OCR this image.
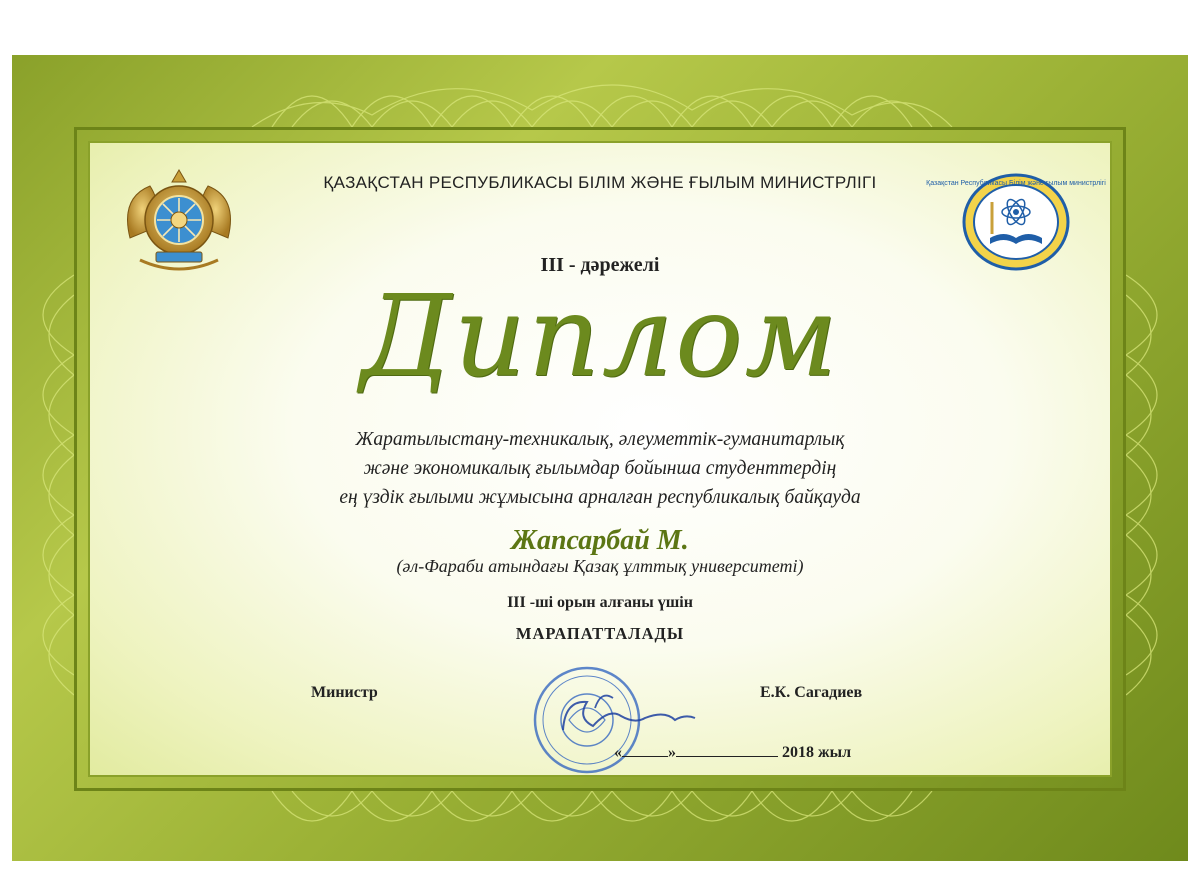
Қазақстан Республикасы Білім және ғылым министрлігі
ҚАЗАҚСТАН РЕСПУБЛИКАСЫ БІЛІМ ЖӘНЕ ҒЫЛЫМ МИНИСТРЛІГІ
III - дәрежелі
Диплом
Жаратылыстану-техникалық, әлеуметтік-гуманитарлық
және экономикалық ғылымдар бойынша студенттердің
ең үздік ғылыми жұмысына арналған республикалық байқауда
Жапсарбай М.
(әл-Фараби атындағы Қазақ ұлттық университеті)
III -ші орын алғаны үшін
МАРАПАТТАЛАДЫ
Министр	Е.К. Сагадиев
«	»	2018 жыл
